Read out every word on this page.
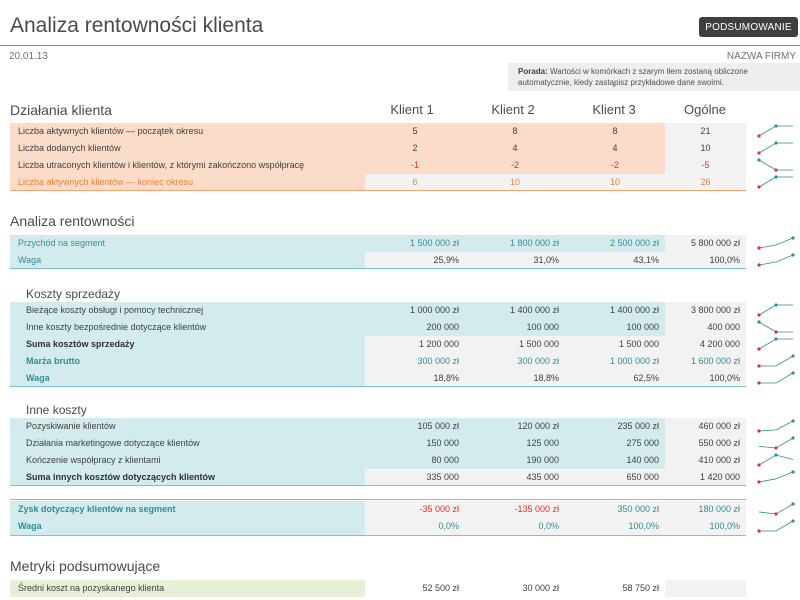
Analiza rentowności klienta	PODSUMOWANIE
20.01.13	NAZWA FIRMY
Porada: Wartości w komórkach z szarym tłem zostaną obliczone automatycznie, kiedy zastąpisz przykładowe dane swoimi.
Działania klienta	Klient 1	Klient 2	Klient 3	Ogólne
Liczba aktywnych klientów — początek okresu	5	8	8	21
Liczba dodanych klientów	2	4	4	10
Liczba utraconych klientów i klientów, z którymi zakończono współpracę	-1	-2	-2	-5
Liczba aktywnych klientów — koniec okresu	6	10	10	26
Analiza rentowności
Przychód na segment	1 500 000 zł	1 800 000 zł	2 500 000 zł	5 800 000 zł
Waga	25,9%	31,0%	43,1%	100,0%
Koszty sprzedaży
Bieżące koszty obsługi i pomocy technicznej	1 000 000 zł	1 400 000 zł	1 400 000 zł	3 800 000 zł
Inne koszty bezpośrednie dotyczące klientów	200 000	100 000	100 000	400 000
Suma kosztów sprzedaży	1 200 000	1 500 000	1 500 000	4 200 000
Marża brutto	300 000 zł	300 000 zł	1 000 000 zł	1 600 000 zł
Waga	18,8%	18,8%	62,5%	100,0%
Inne koszty
Pozyskiwanie klientów	105 000 zł	120 000 zł	235 000 zł	460 000 zł
Działania marketingowe dotyczące klientów	150 000	125 000	275 000	550 000 zł
Kończenie współpracy z klientami	80 000	190 000	140 000	410 000 zł
Suma innych kosztów dotyczących klientów	335 000	435 000	650 000	1 420 000
Zysk dotyczący klientów na segment	-35 000 zł	-135 000 zł	350 000 zł	180 000 zł
Waga	0,0%	0,0%	100,0%	100,0%
Metryki podsumowujące
Średni koszt na pozyskanego klienta	52 500 zł	30 000 zł	58 750 zł
